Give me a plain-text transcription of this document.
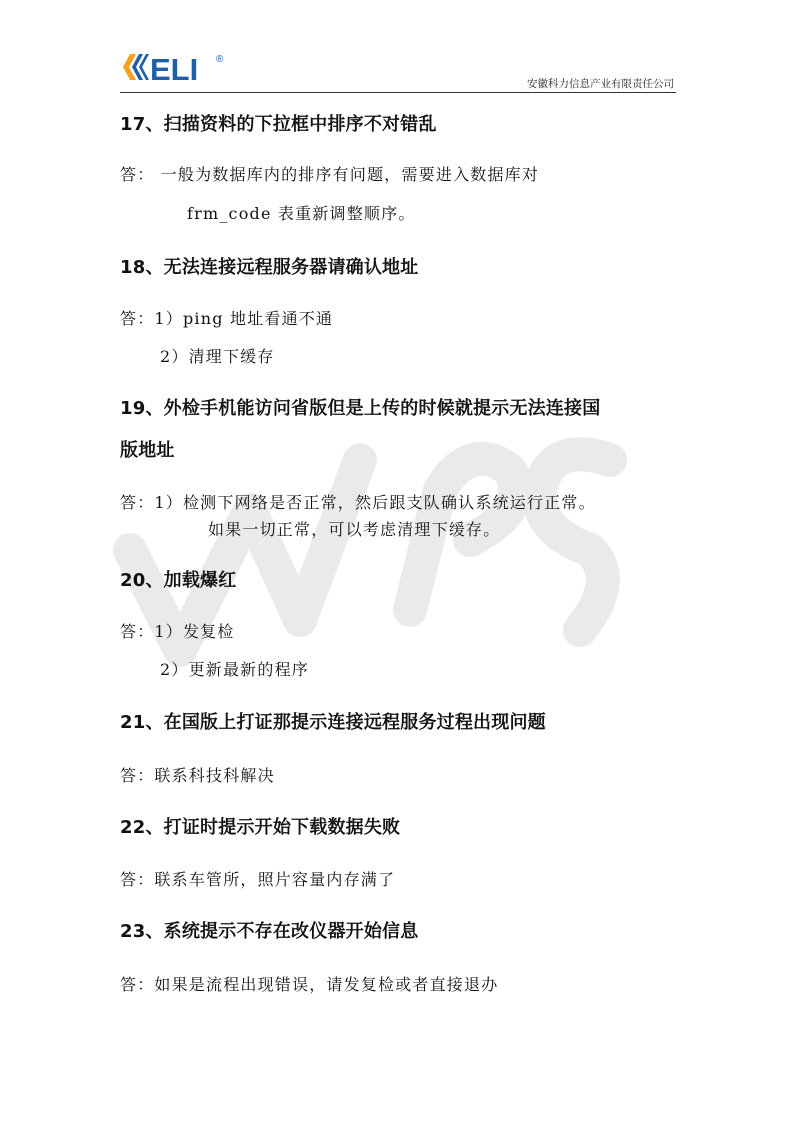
ELI ®
安徽科力信息产业有限责任公司
17、扫描资料的下拉框中排序不对错乱
答： 一般为数据库内的排序有问题，需要进入数据库对
frm_code 表重新调整顺序。
18、无法连接远程服务器请确认地址
答：1）ping 地址看通不通
2）清理下缓存
19、外检手机能访问省版但是上传的时候就提示无法连接国
版地址
答：1）检测下网络是否正常，然后跟支队确认系统运行正常。
如果一切正常，可以考虑清理下缓存。
20、加载爆红
答：1）发复检
2）更新最新的程序
21、在国版上打证那提示连接远程服务过程出现问题
答：联系科技科解决
22、打证时提示开始下载数据失败
答：联系车管所，照片容量内存满了
23、系统提示不存在改仪器开始信息
答：如果是流程出现错误，请发复检或者直接退办
